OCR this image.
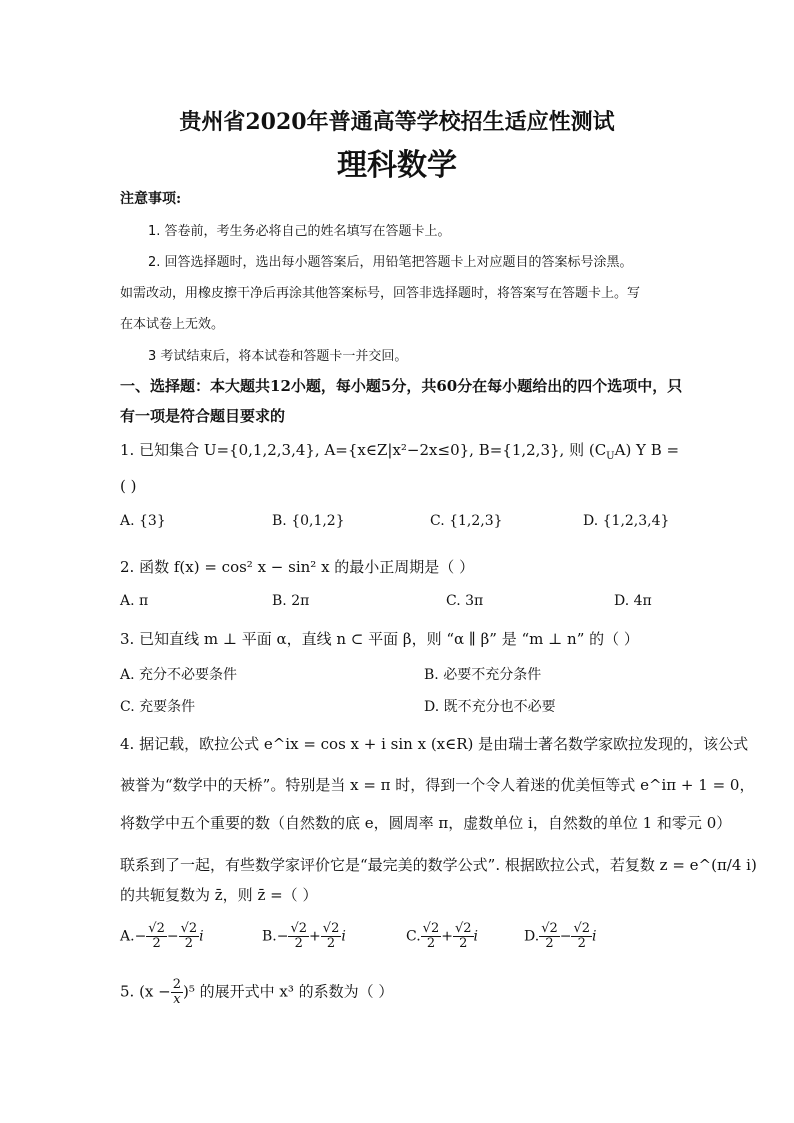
贵州省2020年普通高等学校招生适应性测试
理科数学
注意事项:
1. 答卷前，考生务必将自己的姓名填写在答题卡上。
2. 回答选择题时，选出每小题答案后，用铅笔把答题卡上对应题目的答案标号涂黑。
如需改动，用橡皮擦干净后再涂其他答案标号，回答非选择题时，将答案写在答题卡上。写
在本试卷上无效。
3 考试结束后，将本试卷和答题卡一并交回。
一、选择题：本大题共12小题，每小题5分，共60分在每小题给出的四个选项中，只
有一项是符合题目要求的
1. 已知集合 U={0,1,2,3,4}, A={x∈Z|x²−2x≤0}, B={1,2,3}, 则 $(C_UA)$ Y B =
( )
A. {3}	B. {0,1,2}	C. {1,2,3}	D. {1,2,3,4}
2. 函数 f(x) = cos² x − sin² x 的最小正周期是（ ）
A. π	B. 2π	C. 3π	D. 4π
3. 已知直线 m ⊥ 平面 α，直线 n ⊂ 平面 β，则 “α ∥ β” 是 “m ⊥ n” 的（ ）
A. 充分不必要条件	B. 必要不充分条件
C. 充要条件	D. 既不充分也不必要
4. 据记载，欧拉公式 e^ix = cos x + i sin x (x∈R) 是由瑞士著名数学家欧拉发现的，该公式
被誉为“数学中的天桥”。特别是当 x = π 时，得到一个令人着迷的优美恒等式 e^iπ + 1 = 0，
将数学中五个重要的数（自然数的底 e，圆周率 π，虚数单位 i，自然数的单位 1 和零元 0）
联系到了一起，有些数学家评价它是“最完美的数学公式”. 根据欧拉公式，若复数 z = e^(π/4 i)
的共轭复数为 z̄，则 z̄ =（ ）
$A.- \frac{√2}{2} - \frac{√2}{2}$ i	$B.- \frac{√2}{2} + \frac{√2}{2}$ i	C. $\frac{√2}{2} + \frac{√2}{2}$ i	D. $\frac{√2}{2} - \frac{√2}{2}$ i
5. $(x - \frac{2}{x} )^5$ 的展开式中 x³ 的系数为（ ）
